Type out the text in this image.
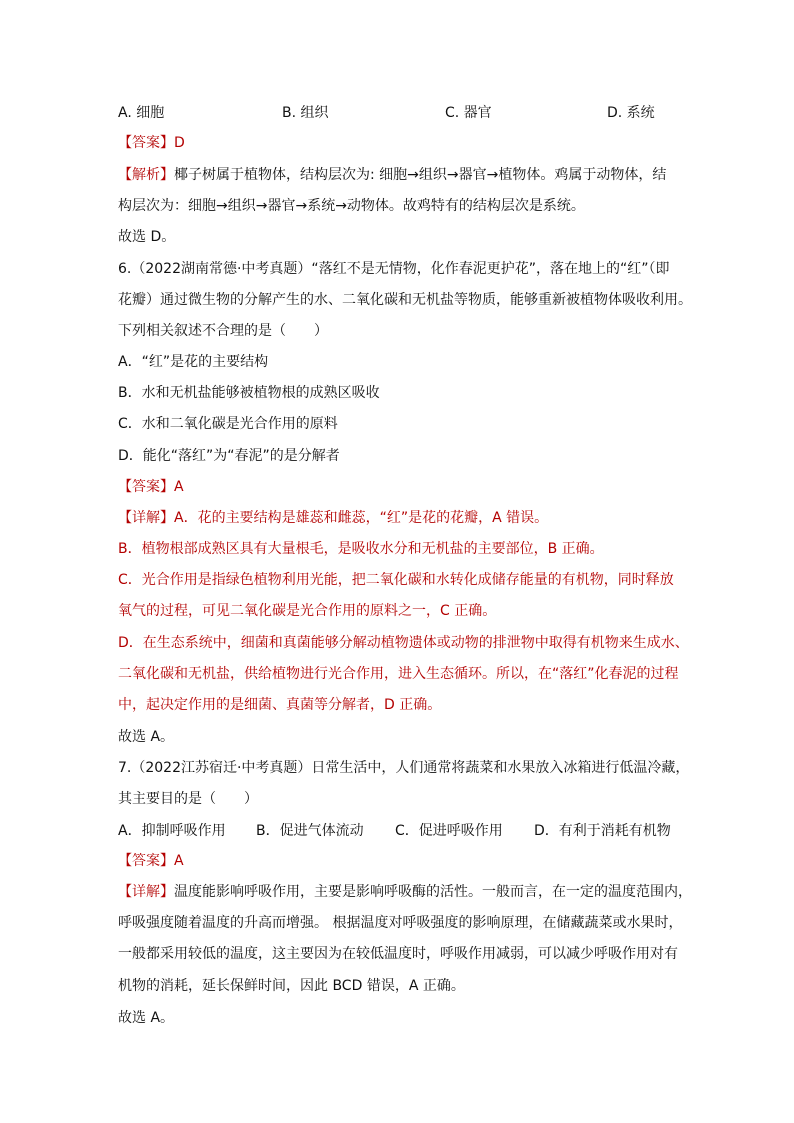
A. 细胞	B. 组织	C. 器官	D. 系统
【答案】D
【解析】椰子树属于植物体，结构层次为: 细胞→组织→器官→植物体。鸡属于动物体，结
构层次为：细胞→组织→器官→系统→动物体。故鸡特有的结构层次是系统。
故选 D。
6.（2022湖南常德·中考真题）“落红不是无情物，化作春泥更护花”，落在地上的“红”（即
花瓣）通过微生物的分解产生的水、二氧化碳和无机盐等物质，能够重新被植物体吸收利用。
下列相关叙述不合理的是（　　）
A．“红”是花的主要结构
B．水和无机盐能够被植物根的成熟区吸收
C．水和二氧化碳是光合作用的原料
D．能化“落红”为“春泥”的是分解者
【答案】A
【详解】A．花的主要结构是雄蕊和雌蕊，“红”是花的花瓣，A 错误。
B．植物根部成熟区具有大量根毛，是吸收水分和无机盐的主要部位，B 正确。
C．光合作用是指绿色植物利用光能，把二氧化碳和水转化成储存能量的有机物，同时释放
氧气的过程，可见二氧化碳是光合作用的原料之一，C 正确。
D．在生态系统中，细菌和真菌能够分解动植物遗体或动物的排泄物中取得有机物来生成水、
二氧化碳和无机盐，供给植物进行光合作用，进入生态循环。所以，在“落红”化春泥的过程
中，起决定作用的是细菌、真菌等分解者，D 正确。
故选 A。
7.（2022江苏宿迁·中考真题）日常生活中，人们通常将蔬菜和水果放入冰箱进行低温冷藏，
其主要目的是（　　）
A．抑制呼吸作用 B．促进气体流动 C．促进呼吸作用 D．有利于消耗有机物
【答案】A
【详解】温度能影响呼吸作用，主要是影响呼吸酶的活性。一般而言，在一定的温度范围内，
呼吸强度随着温度的升高而增强。 根据温度对呼吸强度的影响原理，在储藏蔬菜或水果时，
一般都采用较低的温度，这主要因为在较低温度时，呼吸作用减弱，可以减少呼吸作用对有
机物的消耗，延长保鲜时间，因此 BCD 错误，A 正确。
故选 A。
